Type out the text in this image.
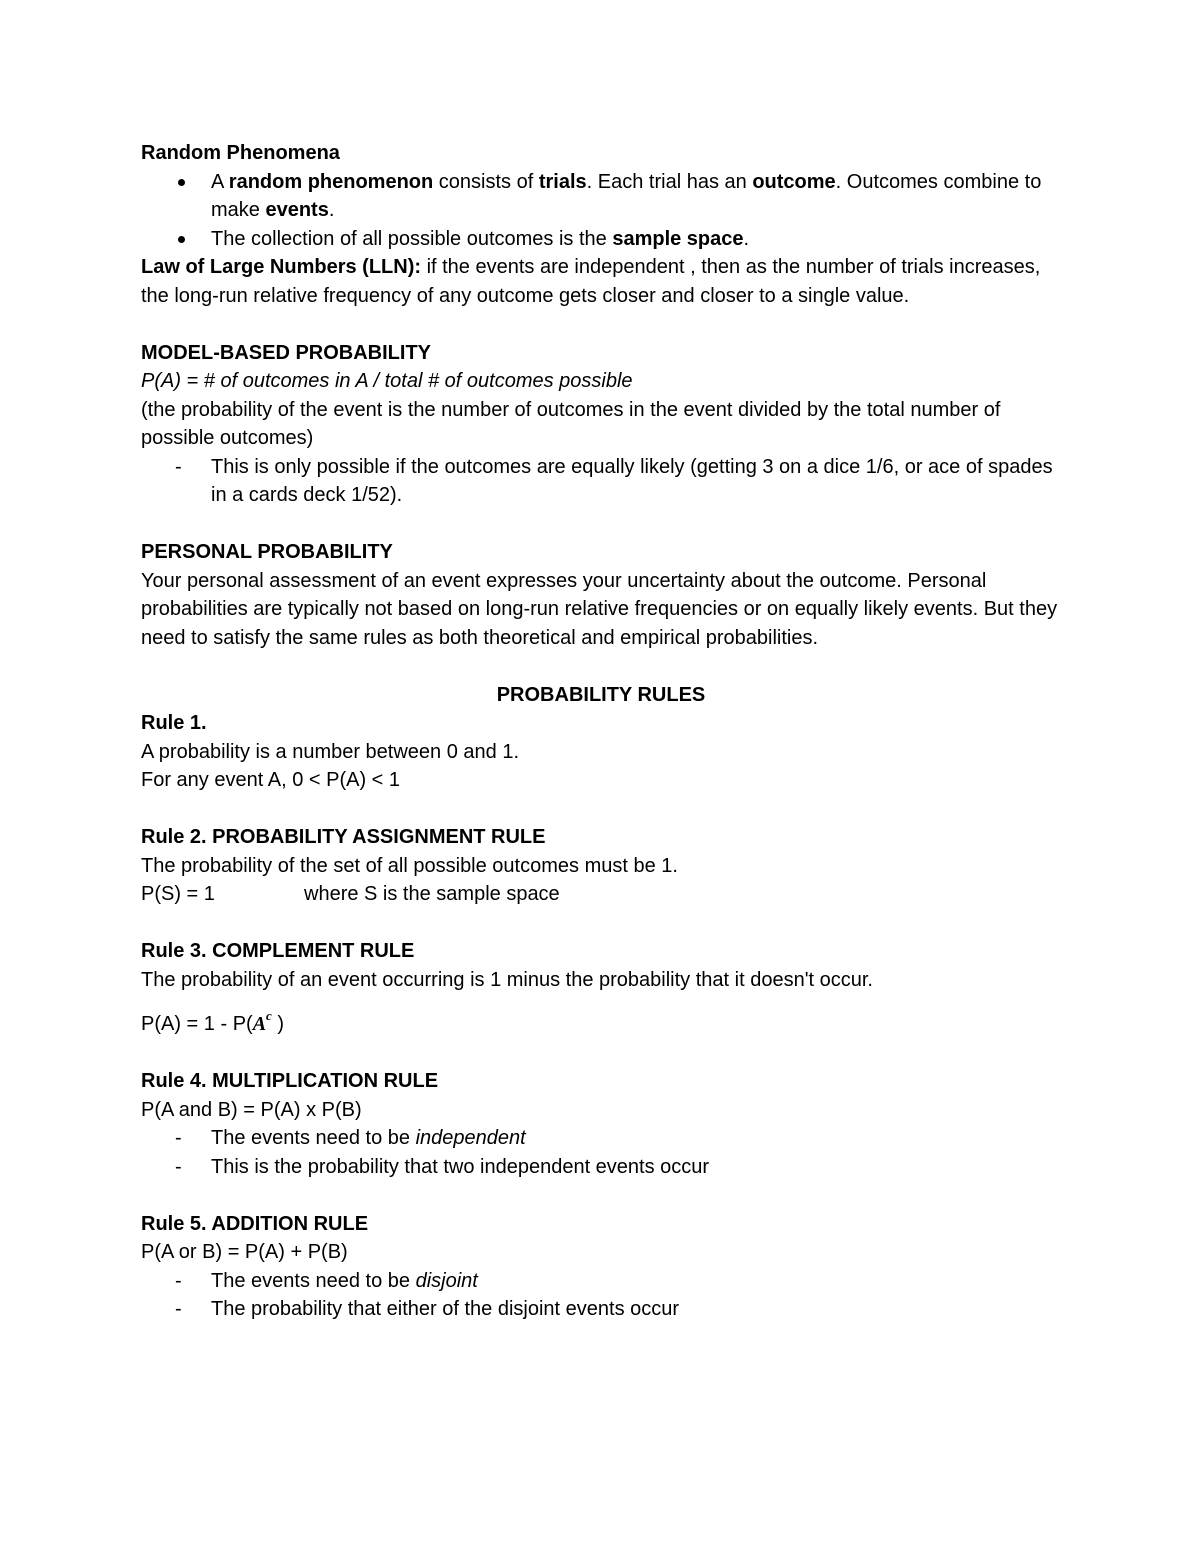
Random Phenomena

A random phenomenon consists of trials. Each trial has an outcome. Outcomes combine to make events.
The collection of all possible outcomes is the sample space.

Law of Large Numbers (LLN): if the events are independent , then as the number of trials increases, the long-run relative frequency of any outcome gets closer and closer to a single value.

MODEL-BASED PROBABILITY

P(A) = # of outcomes in A / total # of outcomes possible

(the probability of the event is the number of outcomes in the event divided by the total number of possible outcomes)

- This is only possible if the outcomes are equally likely (getting 3 on a dice 1/6, or ace of spades in a cards deck 1/52).

PERSONAL PROBABILITY

Your personal assessment of an event expresses your uncertainty about the outcome. Personal probabilities are typically not based on long-run relative frequencies or on equally likely events. But they need to satisfy the same rules as both theoretical and empirical probabilities.

PROBABILITY RULES

Rule 1.

A probability is a number between 0 and 1.

For any event A, 0 < P(A) < 1

Rule 2. PROBABILITY ASSIGNMENT RULE

The probability of the set of all possible outcomes must be 1.

P(S) = 1	where S is the sample space

Rule 3. COMPLEMENT RULE

The probability of an event occurring is 1 minus the probability that it doesn't occur.

$P(A) = 1 - P(A^c$ )

Rule 4. MULTIPLICATION RULE

P(A and B) = P(A) x P(B)

- The events need to be independent
- This is the probability that two independent events occur

Rule 5. ADDITION RULE

P(A or B) = P(A) + P(B)

- The events need to be disjoint
- The probability that either of the disjoint events occur
